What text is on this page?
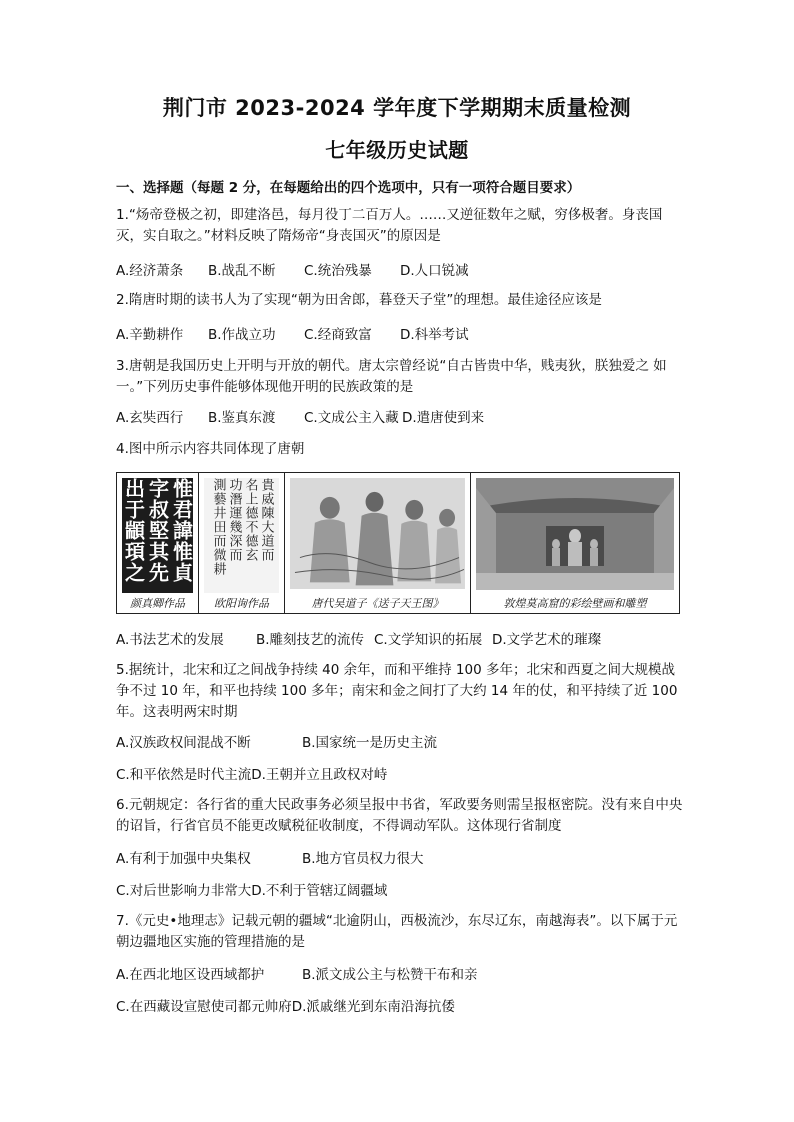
荆门市 2023-2024 学年度下学期期末质量检测
七年级历史试题
一、选择题（每题 2 分，在每题给出的四个选项中，只有一项符合题目要求）
1.“炀帝登极之初，即建洛邑，每月役丁二百万人。……又逆征数年之赋，穷侈极奢。身丧国灭，实自取之。”材料反映了隋炀帝“身丧国灭”的原因是
A.经济萧条 B.战乱不断 C.统治残暴 D.人口锐减
2.隋唐时期的读书人为了实现“朝为田舍郎，暮登天子堂”的理想。最佳途径应该是
A.辛勤耕作 B.作战立功 C.经商致富 D.科举考试
3.唐朝是我国历史上开明与开放的朝代。唐太宗曾经说“自古皆贵中华，贱夷狄，朕独爱之 如一。”下列历史事件能够体现他开明的民族政策的是
A.玄奘西行 B.鉴真东渡 C.文成公主入藏 D.遣唐使到来
4.图中所示内容共同体现了唐朝
惟君諱惟貞
字叔堅其先
出于顓頊之
颜真卿作品
貴威陳大道而
名上德不德玄
功潛運幾深而
測藝井田而微耕
欧阳询作品	唐代吴道子《送子天王图》	敦煌莫高窟的彩绘壁画和雕塑
A.书法艺术的发展 B.雕刻技艺的流传 C.文学知识的拓展 D.文学艺术的璀璨
5.据统计，北宋和辽之间战争持续 40 余年，而和平维持 100 多年；北宋和西夏之间大规模战争不过 10 年，和平也持续 100 多年；南宋和金之间打了大约 14 年的仗，和平持续了近 100 年。这表明两宋时期
A.汉族政权间混战不断	B.国家统一是历史主流
C.和平依然是时代主流D.王朝并立且政权对峙
6.元朝规定：各行省的重大民政事务必须呈报中书省，军政要务则需呈报枢密院。没有来自中央的诏旨，行省官员不能更改赋税征收制度，不得调动军队。这体现行省制度
A.有利于加强中央集权	B.地方官员权力很大
C.对后世影响力非常大D.不利于管辖辽阔疆域
7.《元史•地理志》记载元朝的疆域“北逾阴山，西极流沙，东尽辽东，南越海表”。以下属于元朝边疆地区实施的管理措施的是
A.在西北地区设西域都护	B.派文成公主与松赞干布和亲
C.在西藏设宣慰使司都元帅府D.派戚继光到东南沿海抗倭
